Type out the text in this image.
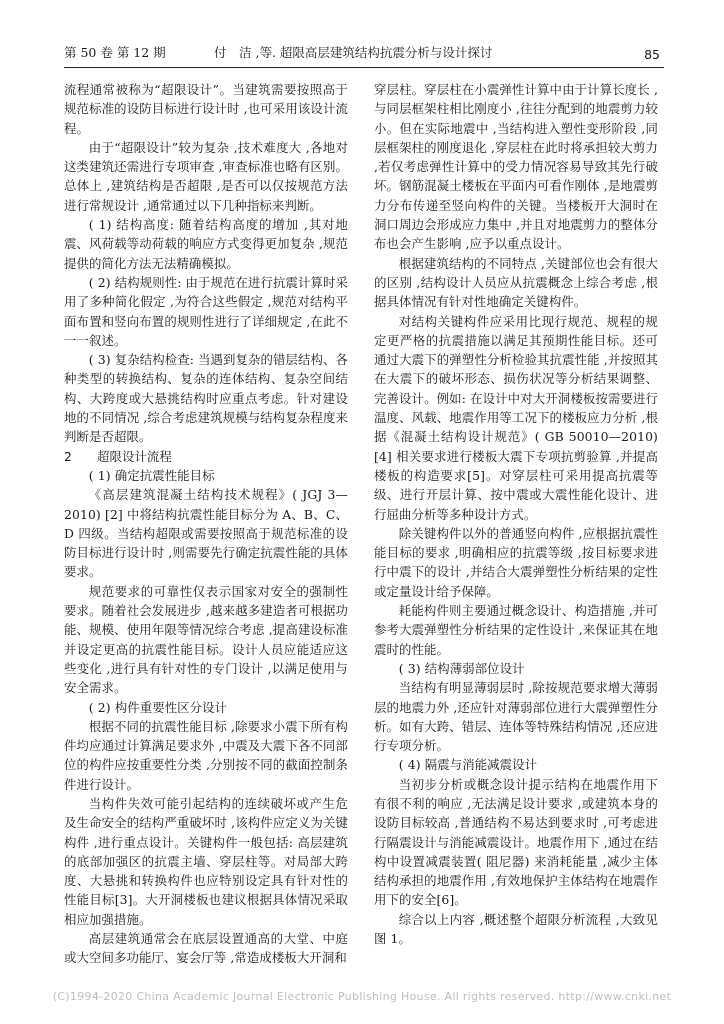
第 50 卷 第 12 期	付　洁 ,等. 超限高层建筑结构抗震分析与设计探讨	85

流程通常被称为“超限设计”。当建筑需要按照高于规范标准的设防目标进行设计时 ,也可采用该设计流程。

由于“超限设计”较为复杂 ,技术难度大 ,各地对这类建筑还需进行专项审查 ,审查标准也略有区别。总体上 ,建筑结构是否超限 ,是否可以仅按规范方法进行常规设计 ,通常通过以下几种指标来判断。

( 1) 结构高度: 随着结构高度的增加 ,其对地震、风荷载等动荷载的响应方式变得更加复杂 ,规范提供的简化方法无法精确模拟。

( 2) 结构规则性: 由于规范在进行抗震计算时采用了多种简化假定 ,为符合这些假定 ,规范对结构平面布置和竖向布置的规则性进行了详细规定 ,在此不一一叙述。

( 3) 复杂结构检查: 当遇到复杂的错层结构、各种类型的转换结构、复杂的连体结构、复杂空间结构、大跨度或大悬挑结构时应重点考虑。针对建设地的不同情况 ,综合考虑建筑规模与结构复杂程度来判断是否超限。

2　　 超限设计流程

( 1) 确定抗震性能目标

《高层建筑混凝土结构技术规程》( JGJ 3—2010) [2] 中将结构抗震性能目标分为 A、B、C、D 四级。当结构超限或需要按照高于规范标准的设防目标进行设计时 ,则需要先行确定抗震性能的具体要求。

规范要求的可靠性仅表示国家对安全的强制性要求。随着社会发展进步 ,越来越多建造者可根据功能、规模、使用年限等情况综合考虑 ,提高建设标准并设定更高的抗震性能目标。设计人员应能适应这些变化 ,进行具有针对性的专门设计 ,以满足使用与安全需求。

( 2) 构件重要性区分设计

根据不同的抗震性能目标 ,除要求小震下所有构件均应通过计算满足要求外 ,中震及大震下各不同部位的构件应按重要性分类 ,分别按不同的截面控制条件进行设计。

当构件失效可能引起结构的连续破坏或产生危及生命安全的结构严重破坏时 ,该构件应定义为关键构件 ,进行重点设计。关键构件一般包括: 高层建筑的底部加强区的抗震主墙、穿层柱等。对局部大跨度、大悬挑和转换构件也应特别设定具有针对性的性能目标[3]。大开洞楼板也建议根据具体情况采取相应加强措施。

高层建筑通常会在底层设置通高的大堂、中庭或大空间多功能厅、宴会厅等 ,常造成楼板大开洞和

穿层柱。穿层柱在小震弹性计算中由于计算长度长 ,与同层框架柱相比刚度小 ,往往分配到的地震剪力较小。但在实际地震中 ,当结构进入塑性变形阶段 ,同层框架柱的刚度退化 ,穿层柱在此时将承担较大剪力 ,若仅考虑弹性计算中的受力情况容易导致其先行破坏。钢筋混凝土楼板在平面内可看作刚体 ,是地震剪力分布传递至竖向构件的关键。当楼板开大洞时在洞口周边会形成应力集中 ,并且对地震剪力的整体分布也会产生影响 ,应予以重点设计。

根据建筑结构的不同特点 ,关键部位也会有很大的区别 ,结构设计人员应从抗震概念上综合考虑 ,根据具体情况有针对性地确定关键构件。

对结构关键构件应采用比现行规范、规程的规定更严格的抗震措施以满足其预期性能目标。还可通过大震下的弹塑性分析检验其抗震性能 ,并按照其在大震下的破坏形态、损伤状况等分析结果调整、完善设计。例如: 在设计中对大开洞楼板按需要进行温度、风载、地震作用等工况下的楼板应力分析 ,根据《混凝土结构设计规范》( GB 50010—2010) [4] 相关要求进行楼板大震下专项抗剪验算 ,并提高楼板的构造要求[5]。对穿层柱可采用提高抗震等级、进行开层计算、按中震或大震性能化设计、进行屈曲分析等多种设计方式。

除关键构件以外的普通竖向构件 ,应根据抗震性能目标的要求 ,明确相应的抗震等级 ,按目标要求进行中震下的设计 ,并结合大震弹塑性分析结果的定性或定量设计给予保障。

耗能构件则主要通过概念设计、构造措施 ,并可参考大震弹塑性分析结果的定性设计 ,来保证其在地震时的性能。

( 3) 结构薄弱部位设计

当结构有明显薄弱层时 ,除按规范要求增大薄弱层的地震力外 ,还应针对薄弱部位进行大震弹塑性分析。如有大跨、错层、连体等特殊结构情况 ,还应进行专项分析。

( 4) 隔震与消能减震设计

当初步分析或概念设计提示结构在地震作用下有很不利的响应 ,无法满足设计要求 ,或建筑本身的设防目标较高 ,普通结构不易达到要求时 ,可考虑进行隔震设计与消能减震设计。地震作用下 ,通过在结构中设置减震装置( 阻尼器) 来消耗能量 ,减少主体结构承担的地震作用 ,有效地保护主体结构在地震作用下的安全[6]。

综合以上内容 ,概述整个超限分析流程 ,大致见图 1。

(C)1994-2020 China Academic Journal Electronic Publishing House. All rights reserved. http://www.cnki.net
